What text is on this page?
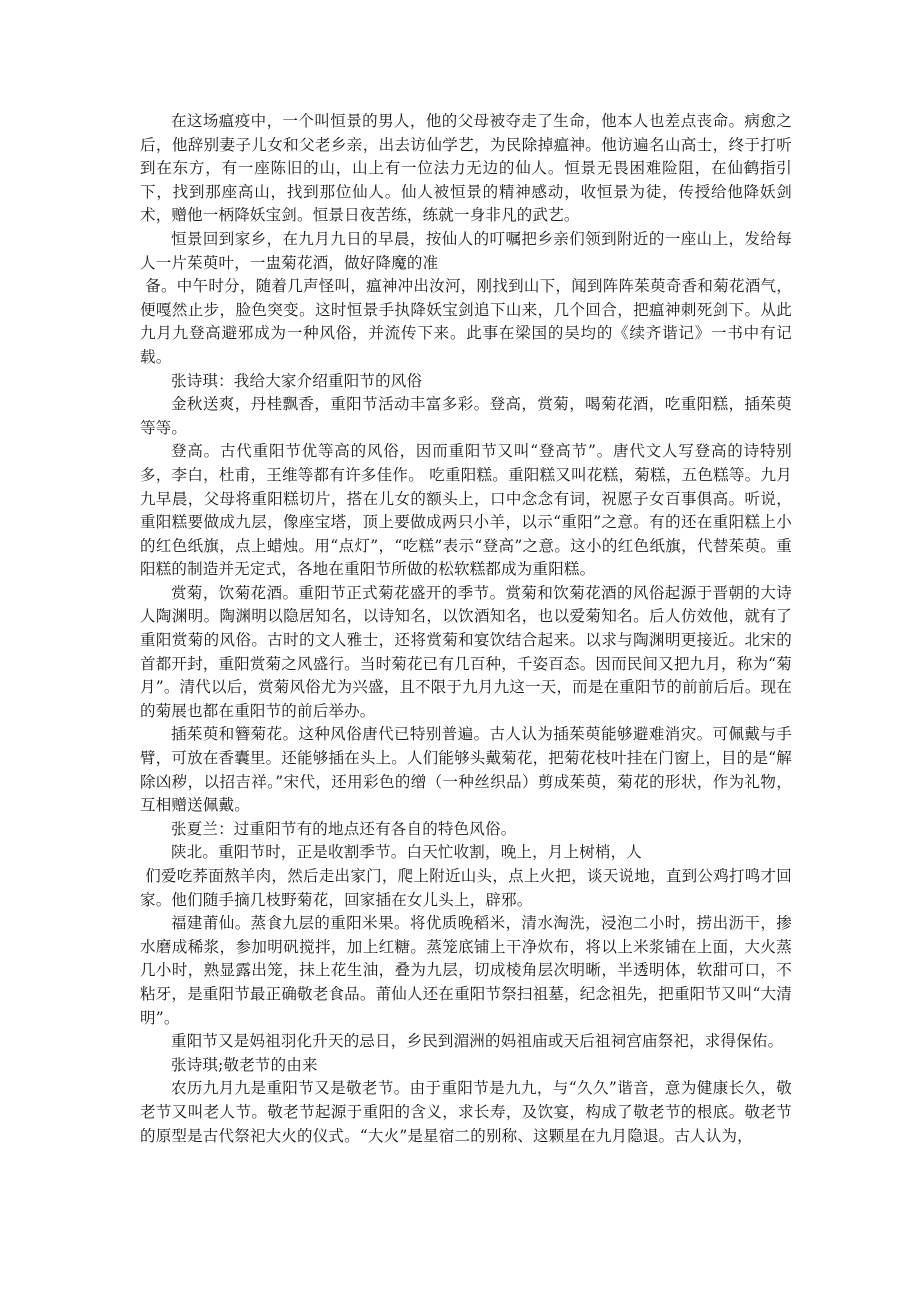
在这场瘟疫中，一个叫恒景的男人，他的父母被夺走了生命，他本人也差点丧命。病愈之后，他辞别妻子儿女和父老乡亲，出去访仙学艺，为民除掉瘟神。他访遍名山高士，终于打听到在东方，有一座陈旧的山，山上有一位法力无边的仙人。恒景无畏困难险阻，在仙鹤指引下，找到那座高山，找到那位仙人。仙人被恒景的精神感动，收恒景为徒，传授给他降妖剑术，赠他一柄降妖宝剑。恒景日夜苦练，练就一身非凡的武艺。

恒景回到家乡，在九月九日的早晨，按仙人的叮嘱把乡亲们领到附近的一座山上，发给每人一片茱萸叶，一盅菊花酒，做好降魔的准
备。中午时分，随着几声怪叫，瘟神冲出汝河，刚找到山下，闻到阵阵茱萸奇香和菊花酒气，便嘎然止步，脸色突变。这时恒景手执降妖宝剑追下山来，几个回合，把瘟神刺死剑下。从此九月九登高避邪成为一种风俗，并流传下来。此事在梁国的吴均的《续齐谐记》一书中有记载。

张诗琪：我给大家介绍重阳节的风俗

金秋送爽，丹桂飘香，重阳节活动丰富多彩。登高，赏菊，喝菊花酒，吃重阳糕，插茱萸等等。

登高。古代重阳节优等高的风俗，因而重阳节又叫“登高节”。唐代文人写登高的诗特别多，李白，杜甫，王维等都有许多佳作。 吃重阳糕。重阳糕又叫花糕，菊糕，五色糕等。九月九早晨，父母将重阳糕切片，搭在儿女的额头上，口中念念有词，祝愿子女百事俱高。听说，重阳糕要做成九层，像座宝塔，顶上要做成两只小羊，以示“重阳”之意。有的还在重阳糕上小的红色纸旗，点上蜡烛。用“点灯”，“吃糕”表示“登高”之意。这小的红色纸旗，代替茱萸。重阳糕的制造并无定式，各地在重阳节所做的松软糕都成为重阳糕。

赏菊，饮菊花酒。重阳节正式菊花盛开的季节。赏菊和饮菊花酒的风俗起源于晋朝的大诗人陶渊明。陶渊明以隐居知名，以诗知名，以饮酒知名，也以爱菊知名。后人仿效他，就有了重阳赏菊的风俗。古时的文人雅士，还将赏菊和宴饮结合起来。以求与陶渊明更接近。北宋的首都开封，重阳赏菊之风盛行。当时菊花已有几百种，千姿百态。因而民间又把九月，称为“菊月”。清代以后，赏菊风俗尤为兴盛，且不限于九月九这一天，而是在重阳节的前前后后。现在的菊展也都在重阳节的前后举办。

插茱萸和簪菊花。这种风俗唐代已特别普遍。古人认为插茱萸能够避难消灾。可佩戴与手臂，可放在香囊里。还能够插在头上。人们能够头戴菊花，把菊花枝叶挂在门窗上，目的是“解除凶秽，以招吉祥。”宋代，还用彩色的缯（一种丝织品）剪成茱萸，菊花的形状，作为礼物，互相赠送佩戴。

张夏兰：过重阳节有的地点还有各自的特色风俗。

陕北。重阳节时，正是收割季节。白天忙收割，晚上，月上树梢，人
们爱吃荞面熬羊肉，然后走出家门，爬上附近山头，点上火把，谈天说地，直到公鸡打鸣才回家。他们随手摘几枝野菊花，回家插在女儿头上，辟邪。

福建莆仙。蒸食九层的重阳米果。将优质晚稻米，清水淘洗，浸泡二小时，捞出沥干，掺水磨成稀浆，参加明矾搅拌，加上红糖。蒸笼底铺上干净炊布，将以上米浆铺在上面，大火蒸几小时，熟显露出笼，抹上花生油，叠为九层，切成棱角层次明晰，半透明体，软甜可口，不粘牙，是重阳节最正确敬老食品。莆仙人还在重阳节祭扫祖墓，纪念祖先，把重阳节又叫“大清明”。

重阳节又是妈祖羽化升天的忌日，乡民到湄洲的妈祖庙或天后祖祠宫庙祭祀，求得保佑。

张诗琪;敬老节的由来

农历九月九是重阳节又是敬老节。由于重阳节是九九，与“久久”谐音，意为健康长久，敬老节又叫老人节。敬老节起源于重阳的含义，求长寿，及饮宴，构成了敬老节的根底。敬老节的原型是古代祭祀大火的仪式。“大火”是星宿二的别称、这颗星在九月隐退。古人认为，
